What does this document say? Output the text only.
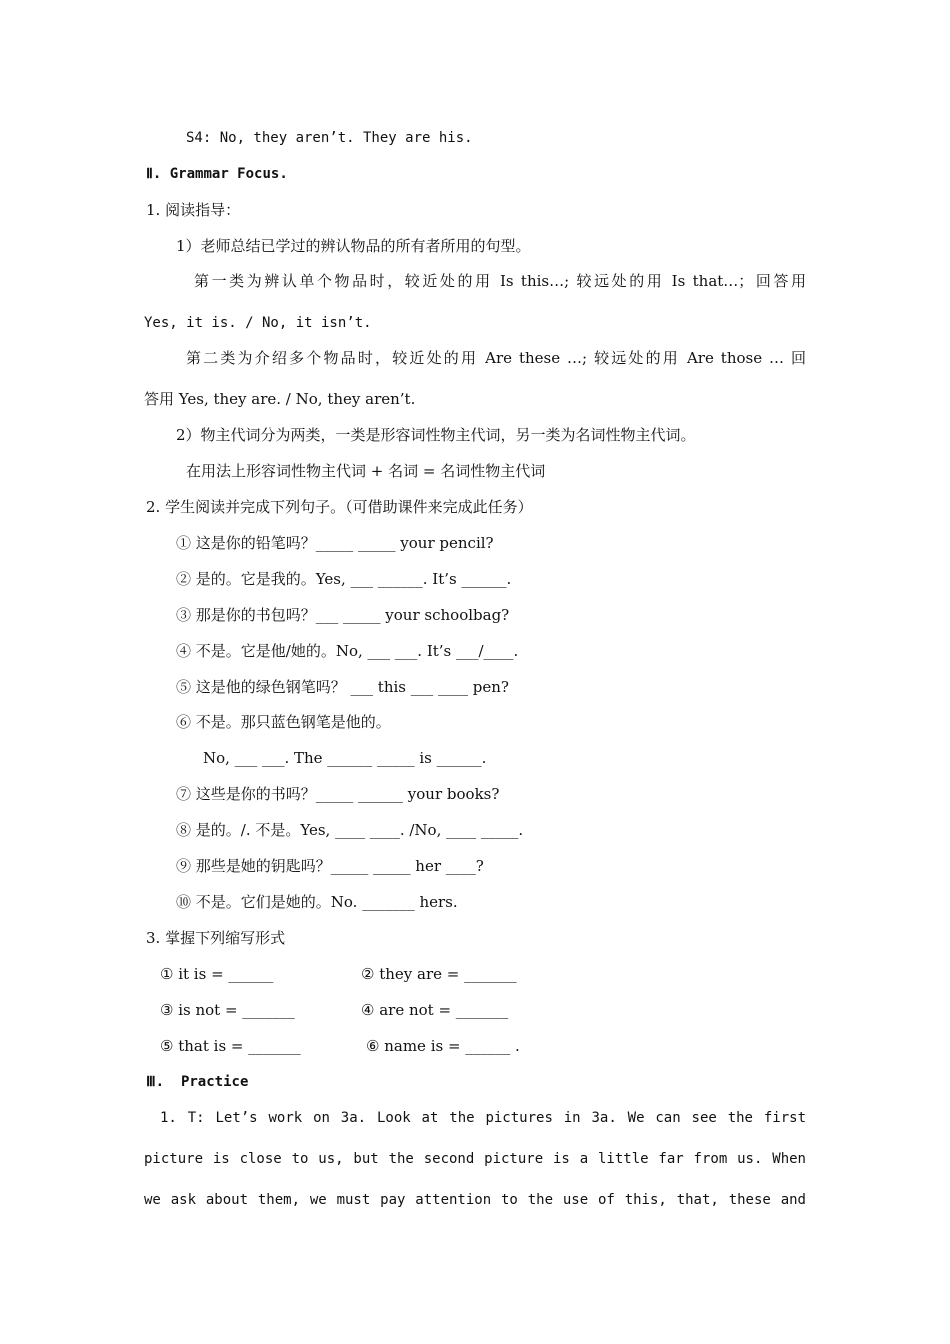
S4: No, they aren’t. They are his.
Ⅱ. Grammar Focus.
1. 阅读指导：
1）老师总结已学过的辨认物品的所有者所用的句型。
第一类为辨认单个物品时，较近处的用 Is this…; 较远处的用 Is that…；回答用
Yes, it is. / No, it isn’t.
第二类为介绍多个物品时，较近处的用 Are these …; 较远处的用 Are those … 回
答用 Yes, they are. / No, they aren’t.
2）物主代词分为两类，一类是形容词性物主代词，另一类为名词性物主代词。
在用法上形容词性物主代词 + 名词 = 名词性物主代词
2. 学生阅读并完成下列句子。（可借助课件来完成此任务）
① 这是你的铅笔吗？_____ _____ your pencil?
② 是的。它是我的。Yes, ___ ______. It’s ______.
③ 那是你的书包吗？___ _____ your schoolbag?
④ 不是。它是他/她的。No, ___ ___. It’s ___/____.
⑤ 这是他的绿色钢笔吗？ ___ this ___ ____ pen?
⑥ 不是。那只蓝色钢笔是他的。
No, ___ ___. The ______ _____ is ______.
⑦ 这些是你的书吗？_____ ______ your books?
⑧ 是的。/. 不是。Yes, ____ ____. /No, ____ _____.
⑨ 那些是她的钥匙吗？_____ _____ her ____?
⑩ 不是。它们是她的。No. _______ hers.
3. 掌握下列缩写形式
① it is = ______	② they are = _______
③ is not = _______	④ are not = _______
⑤ that is = _______	⑥ name is = ______ .
Ⅲ.  Practice
1. T: Let’s work on 3a. Look at the pictures in 3a. We can see the first
picture is close to us, but the second picture is a little far from us. When
we ask about them, we must pay attention to the use of this, that, these and
